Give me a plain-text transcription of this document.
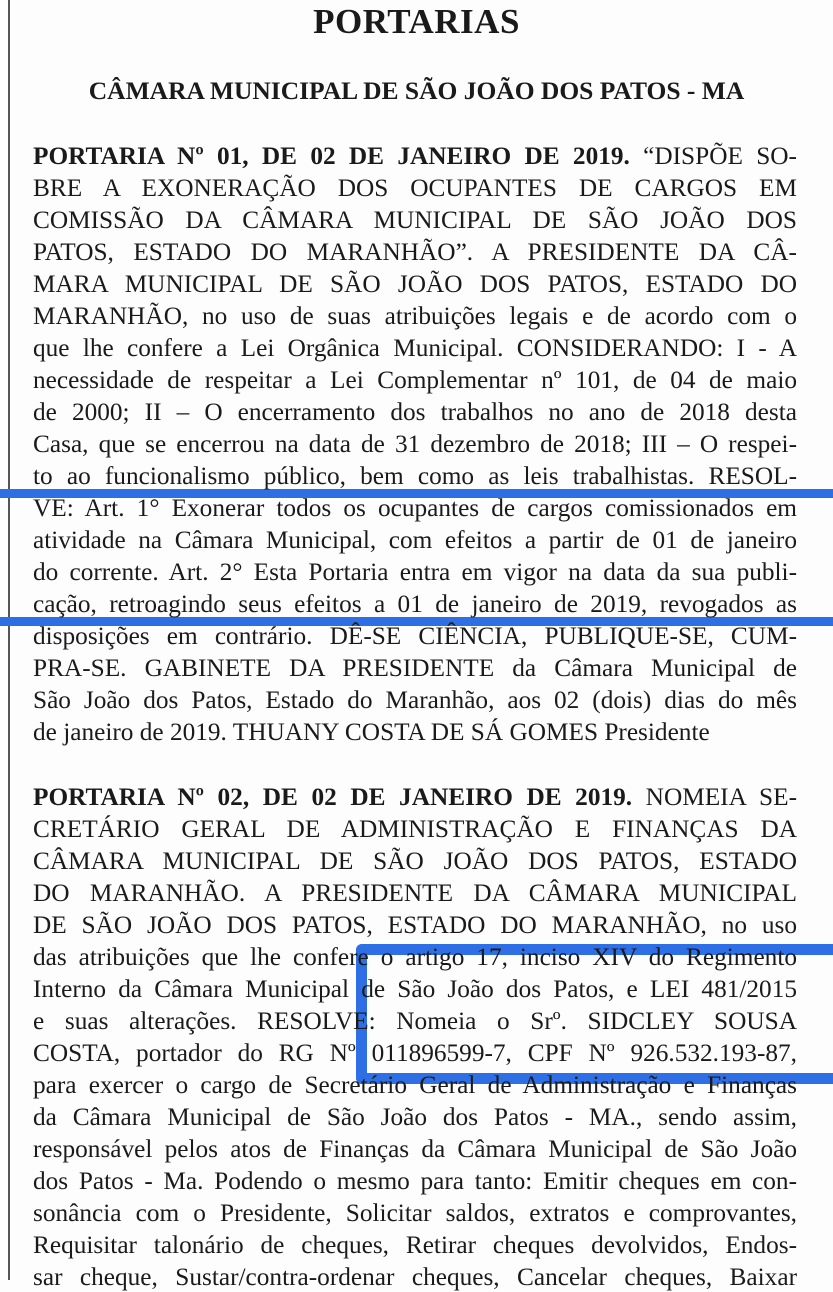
PORTARIAS
CÂMARA MUNICIPAL DE SÃO JOÃO DOS PATOS - MA
PORTARIA Nº 01, DE 02 DE JANEIRO DE 2019. “DISPÕE SO-
BRE A EXONERAÇÃO DOS OCUPANTES DE CARGOS EM
COMISSÃO DA CÂMARA MUNICIPAL DE SÃO JOÃO DOS
PATOS, ESTADO DO MARANHÃO”. A PRESIDENTE DA CÂ-
MARA MUNICIPAL DE SÃO JOÃO DOS PATOS, ESTADO DO
MARANHÃO, no uso de suas atribuições legais e de acordo com o
que lhe confere a Lei Orgânica Municipal. CONSIDERANDO: I - A
necessidade de respeitar a Lei Complementar nº 101, de 04 de maio
de 2000; II – O encerramento dos trabalhos no ano de 2018 desta
Casa, que se encerrou na data de 31 dezembro de 2018; III – O respei-
to ao funcionalismo público, bem como as leis trabalhistas. RESOL-
VE: Art. 1° Exonerar todos os ocupantes de cargos comissionados em
atividade na Câmara Municipal, com efeitos a partir de 01 de janeiro
do corrente. Art. 2° Esta Portaria entra em vigor na data da sua publi-
cação, retroagindo seus efeitos a 01 de janeiro de 2019, revogados as
disposições em contrário. DÊ-SE CIÊNCIA, PUBLIQUE-SE, CUM-
PRA-SE. GABINETE DA PRESIDENTE da Câmara Municipal de
São João dos Patos, Estado do Maranhão, aos 02 (dois) dias do mês
de janeiro de 2019. THUANY COSTA DE SÁ GOMES Presidente
PORTARIA Nº 02, DE 02 DE JANEIRO DE 2019. NOMEIA SE-
CRETÁRIO GERAL DE ADMINISTRAÇÃO E FINANÇAS DA
CÂMARA MUNICIPAL DE SÃO JOÃO DOS PATOS, ESTADO
DO MARANHÃO. A PRESIDENTE DA CÂMARA MUNICIPAL
DE SÃO JOÃO DOS PATOS, ESTADO DO MARANHÃO, no uso
das atribuições que lhe confere o artigo 17, inciso XIV do Regimento
Interno da Câmara Municipal de São João dos Patos, e LEI 481/2015
e suas alterações. RESOLVE: Nomeia o Srº. SIDCLEY SOUSA
COSTA, portador do RG Nº 011896599-7, CPF Nº 926.532.193-87,
para exercer o cargo de Secretário Geral de Administração e Finanças
da Câmara Municipal de São João dos Patos - MA., sendo assim,
responsável pelos atos de Finanças da Câmara Municipal de São João
dos Patos - Ma. Podendo o mesmo para tanto: Emitir cheques em con-
sonância com o Presidente, Solicitar saldos, extratos e comprovantes,
Requisitar talonário de cheques, Retirar cheques devolvidos, Endos-
sar cheque, Sustar/contra-ordenar cheques, Cancelar cheques, Baixar
